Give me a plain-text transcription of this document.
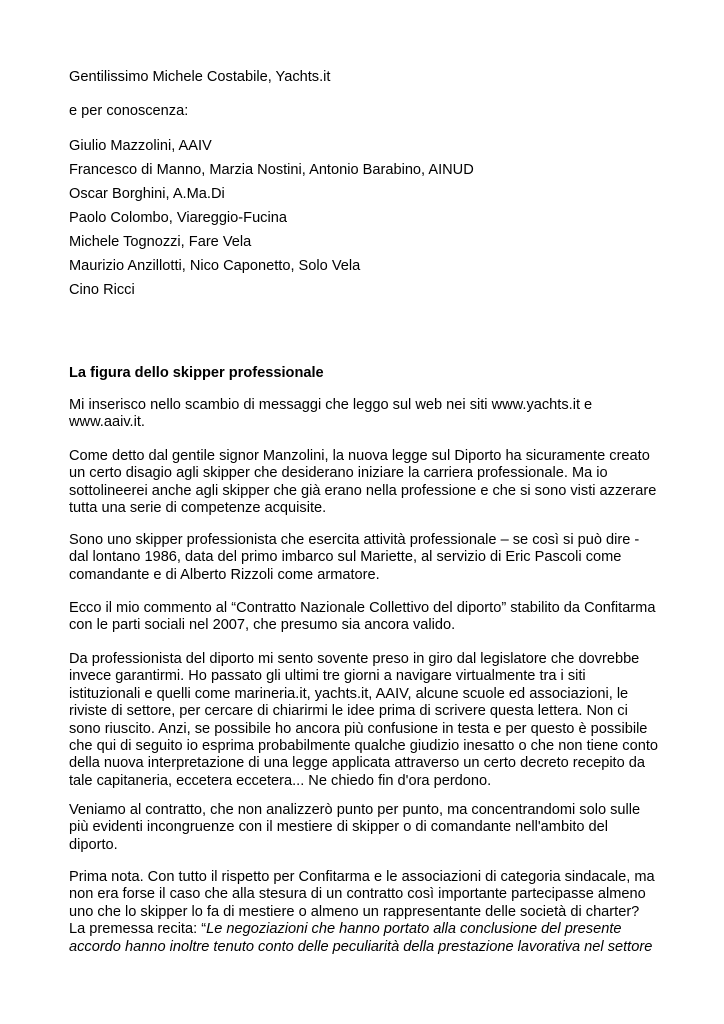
Gentilissimo Michele Costabile, Yachts.it
e per conoscenza:
Giulio Mazzolini, AAIV
Francesco di Manno, Marzia Nostini, Antonio Barabino, AINUD
Oscar Borghini, A.Ma.Di
Paolo Colombo, Viareggio-Fucina
Michele Tognozzi, Fare Vela
Maurizio Anzillotti, Nico Caponetto, Solo Vela
Cino Ricci
La figura dello skipper professionale
Mi inserisco nello scambio di messaggi che leggo sul web nei siti www.yachts.it e www.aaiv.it.
Come detto dal gentile signor Manzolini, la nuova legge sul Diporto ha sicuramente creato un certo disagio agli skipper che desiderano iniziare la carriera professionale. Ma io sottolineerei anche agli skipper che già erano nella professione e che si sono visti azzerare tutta una serie di competenze acquisite.
Sono uno skipper professionista che esercita attività professionale – se così si può dire - dal lontano 1986, data del primo imbarco sul Mariette, al servizio di Eric Pascoli come comandante e di Alberto Rizzoli come armatore.
Ecco il mio commento al “Contratto Nazionale Collettivo del diporto” stabilito da Confitarma con le parti sociali nel 2007, che presumo sia ancora valido.
Da professionista del diporto mi sento sovente preso in giro dal legislatore che dovrebbe invece garantirmi. Ho passato gli ultimi tre giorni a navigare virtualmente tra i siti istituzionali e quelli come marineria.it, yachts.it, AAIV, alcune scuole ed associazioni, le riviste di settore, per cercare di chiarirmi le idee prima di scrivere questa lettera. Non ci sono riuscito. Anzi, se possibile ho ancora più confusione in testa e per questo è possibile che qui di seguito io esprima probabilmente qualche giudizio inesatto o che non tiene conto della nuova interpretazione di una legge applicata attraverso un certo decreto recepito da tale capitaneria, eccetera eccetera... Ne chiedo fin d'ora perdono.
Veniamo al contratto, che non analizzerò punto per punto, ma concentrandomi solo sulle più evidenti incongruenze con il mestiere di skipper o di comandante nell'ambito del diporto.
Prima nota. Con tutto il rispetto per Confitarma e le associazioni di categoria sindacale, ma non era forse il caso che alla stesura di un contratto così importante partecipasse almeno uno che lo skipper lo fa di mestiere o almeno un rappresentante delle società di charter? La premessa recita: “Le negoziazioni che hanno portato alla conclusione del presente accordo hanno inoltre tenuto conto delle peculiarità della prestazione lavorativa nel settore
